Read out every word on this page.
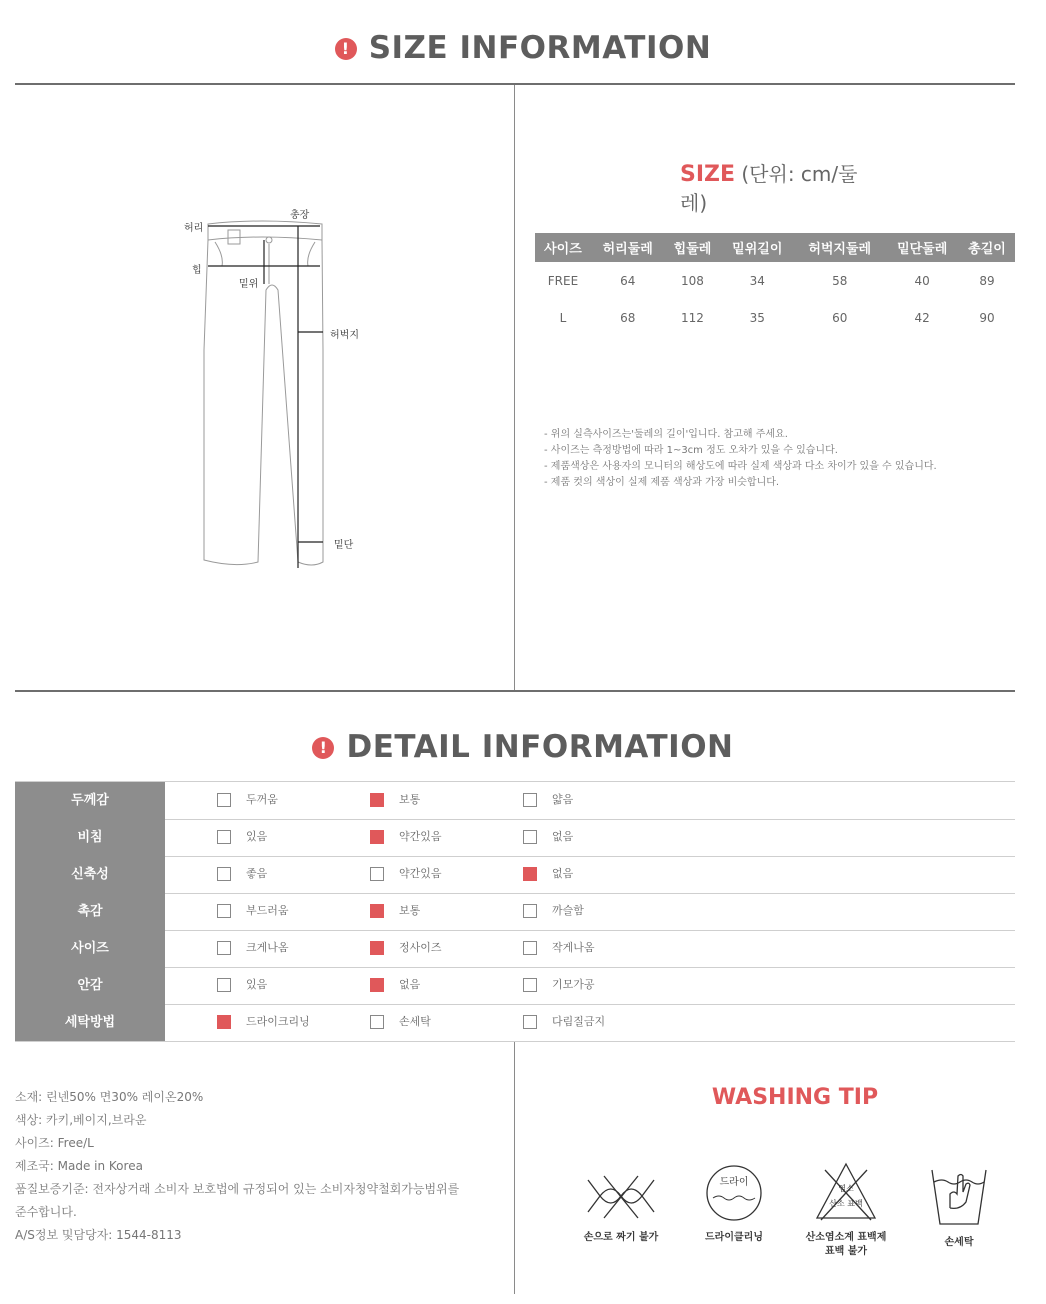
! SIZE INFORMATION
허리
총장
힙
밑위
허벅지
밑단
SIZE (단위: cm/둘레)
사이즈	허리둘레	힙둘레	밑위길이	허벅지둘레	밑단둘레	총길이
FREE	64	108	34	58	40	89
L	68	112	35	60	42	90
- 위의 실측사이즈는'둘레의 길이'입니다. 참고해 주세요.
- 사이즈는 측정방법에 따라 1~3cm 정도 오차가 있을 수 있습니다.
- 제품색상은 사용자의 모니터의 해상도에 따라 실제 색상과 다소 차이가 있을 수 있습니다.
- 제품 컷의 색상이 실제 제품 색상과 가장 비슷합니다.
! DETAIL INFORMATION
두께감	두꺼움	보통	얇음
비침	있음	약간있음	없음
신축성	좋음	약간있음	없음
촉감	부드러움	보통	까슬함
사이즈	크게나옴	정사이즈	작게나옴
안감	있음	없음	기모가공
세탁방법	드라이크리닝	손세탁	다림질금지
소재: 린넨50% 면30% 레이온20%
색상: 카키,베이지,브라운
사이즈: Free/L
제조국: Made in Korea
품질보증기준: 전자상거래 소비자 보호법에 규정되어 있는 소비자청약철회가능범위를
준수합니다.
A/S정보 및담당자: 1544-8113
WASHING TIP
손으로 짜기 불가
드라이
드라이클리닝
염소
산소 표백
산소염소계 표백제
표백 불가
손세탁
